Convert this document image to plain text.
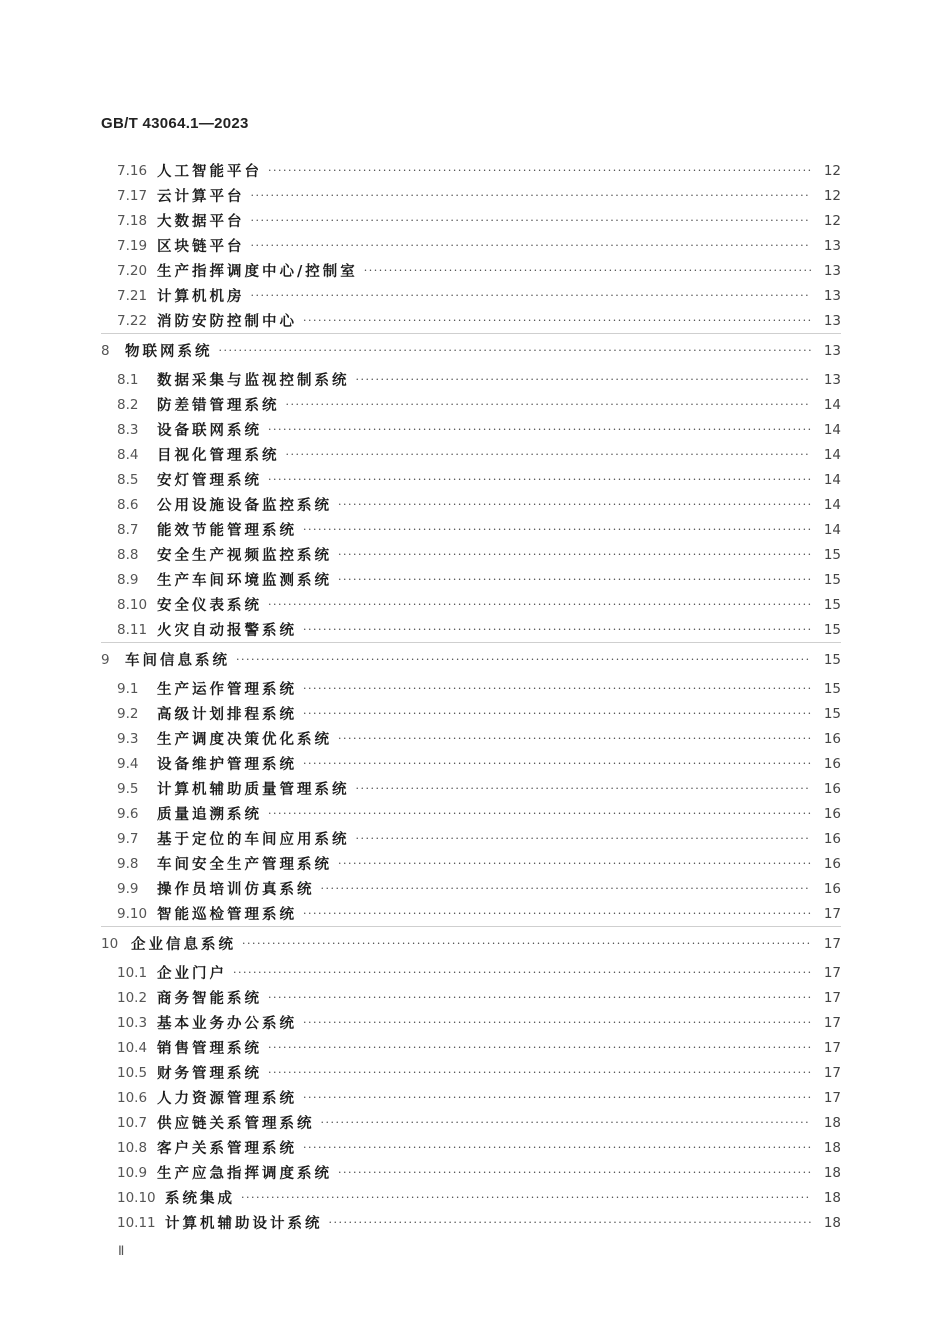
GB/T 43064.1—2023
7.16 人工智能平台 ·····	12
7.17 云计算平台 ·····	12
7.18 大数据平台 ·····	12
7.19 区块链平台 ·····	13
7.20 生产指挥调度中心/控制室 ·····	13
7.21 计算机机房 ·····	13
7.22 消防安防控制中心 ·····	13
8	物联网系统 ·····	13
8.1	数据采集与监视控制系统 ·····	13
8.2	防差错管理系统 ·····	14
8.3	设备联网系统 ·····	14
8.4	目视化管理系统 ·····	14
8.5	安灯管理系统 ·····	14
8.6	公用设施设备监控系统 ·····	14
8.7	能效节能管理系统 ·····	14
8.8	安全生产视频监控系统 ·····	15
8.9	生产车间环境监测系统 ·····	15
8.10 安全仪表系统 ·····	15
8.11 火灾自动报警系统 ·····	15
9	车间信息系统 ·····	15
9.1	生产运作管理系统 ·····	15
9.2	高级计划排程系统 ·····	15
9.3	生产调度决策优化系统 ·····	16
9.4	设备维护管理系统 ·····	16
9.5	计算机辅助质量管理系统 ·····	16
9.6	质量追溯系统 ·····	16
9.7	基于定位的车间应用系统 ·····	16
9.8	车间安全生产管理系统 ·····	16
9.9	操作员培训仿真系统 ·····	16
9.10 智能巡检管理系统 ·····	17
10 企业信息系统 ·····	17
10.1 企业门户 ·····	17
10.2 商务智能系统 ·····	17
10.3 基本业务办公系统 ·····	17
10.4 销售管理系统 ·····	17
10.5 财务管理系统 ·····	17
10.6 人力资源管理系统 ·····	17
10.7 供应链关系管理系统 ·····	18
10.8 客户关系管理系统 ·····	18
10.9 生产应急指挥调度系统 ·····	18
10.10 系统集成 ·····	18
10.11 计算机辅助设计系统 ·····	18
Ⅱ
